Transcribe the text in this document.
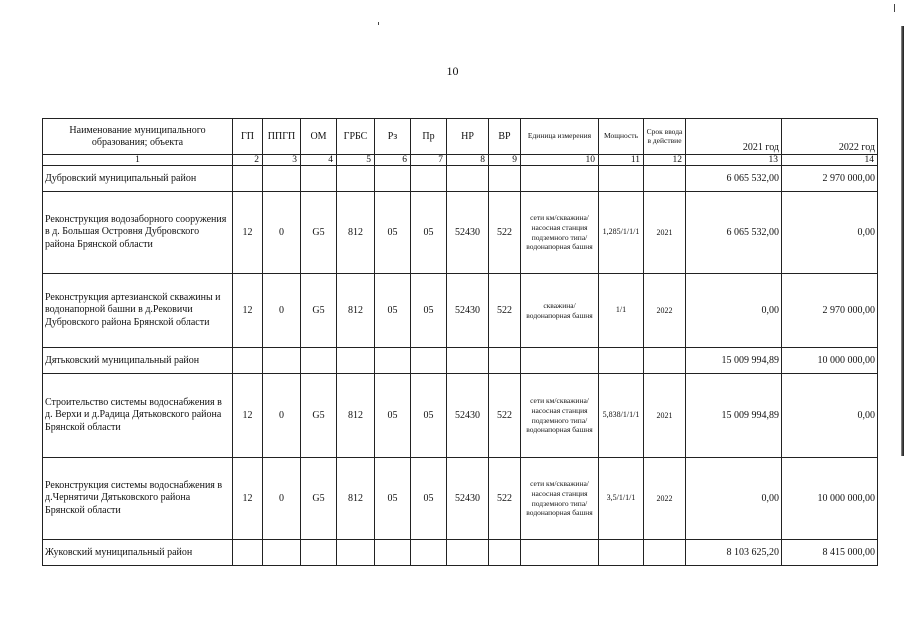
10
Наименование муниципального образования; объекта	ГП	ППГП	ОМ	ГРБС	Рз	Пр	НР	ВР	Единица измерения	Мощность	Срок ввода в действие	2021 год	2022 год
1	2	3	4	5	6	7	8	9	10	11	12	13	14
Дубровский муниципальный район												6 065 532,00	2 970 000,00
Реконструкция водозаборного сооружения в д. Большая Островня Дубровского района Брянской области	12	0	G5	812	05	05	52430	522	сети км/скважина/насосная станция подземного типа/водонапорная башня	1,285/1/1/1	2021	6 065 532,00	0,00
Реконструкция артезианской скважины и водонапорной башни в д.Рековичи Дубровского района Брянской области	12	0	G5	812	05	05	52430	522	скважина/водонапорная башня	1/1	2022	0,00	2 970 000,00
Дятьковский муниципальный район												15 009 994,89	10 000 000,00
Строительство системы водоснабжения в д. Верхи и д.Радица Дятьковского района Брянской области	12	0	G5	812	05	05	52430	522	сети км/скважина/насосная станция подземного типа/водонапорная башня	5,838/1/1/1	2021	15 009 994,89	0,00
Реконструкция системы водоснабжения в д.Чернятичи Дятьковского района Брянской области	12	0	G5	812	05	05	52430	522	сети км/скважина/насосная станция подземного типа/водонапорная башня	3,5/1/1/1	2022	0,00	10 000 000,00
Жуковский муниципальный район												8 103 625,20	8 415 000,00
